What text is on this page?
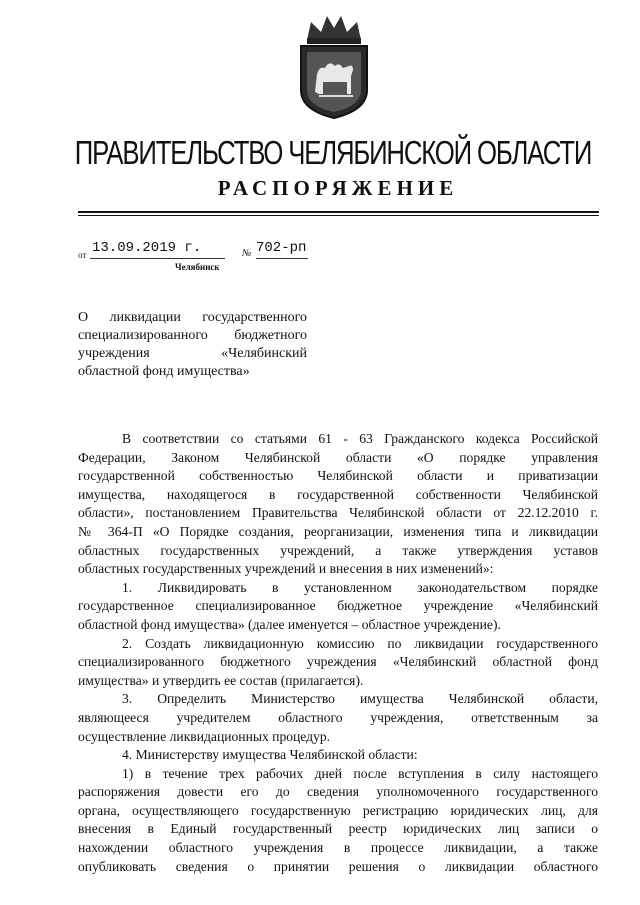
ПРАВИТЕЛЬСТВО ЧЕЛЯБИНСКОЙ ОБЛАСТИ
РАСПОРЯЖЕНИЕ
от 13.09.2019 г.	№ 702-рп
Челябинск
О ликвидации государственного
специализированного бюджетного
учреждения «Челябинский
областной фонд имущества»
В соответствии со статьями 61 - 63 Гражданского кодекса Российской
Федерации, Законом Челябинской области «О порядке управления
государственной собственностью Челябинской области и приватизации
имущества, находящегося в государственной собственности Челябинской
области», постановлением Правительства Челябинской области от 22.12.2010 г.
№ 364-П «О Порядке создания, реорганизации, изменения типа и ликвидации
областных государственных учреждений, а также утверждения уставов
областных государственных учреждений и внесения в них изменений»:
1. Ликвидировать в установленном законодательством порядке
государственное специализированное бюджетное учреждение «Челябинский
областной фонд имущества» (далее именуется – областное учреждение).
2. Создать ликвидационную комиссию по ликвидации государственного
специализированного бюджетного учреждения «Челябинский областной фонд
имущества» и утвердить ее состав (прилагается).
3. Определить Министерство имущества Челябинской области,
являющееся учредителем областного учреждения, ответственным за
осуществление ликвидационных процедур.
4. Министерству имущества Челябинской области:
1) в течение трех рабочих дней после вступления в силу настоящего
распоряжения довести его до сведения уполномоченного государственного
органа, осуществляющего государственную регистрацию юридических лиц, для
внесения в Единый государственный реестр юридических лиц записи о
нахождении областного учреждения в процессе ликвидации, а также
опубликовать сведения о принятии решения о ликвидации областного
